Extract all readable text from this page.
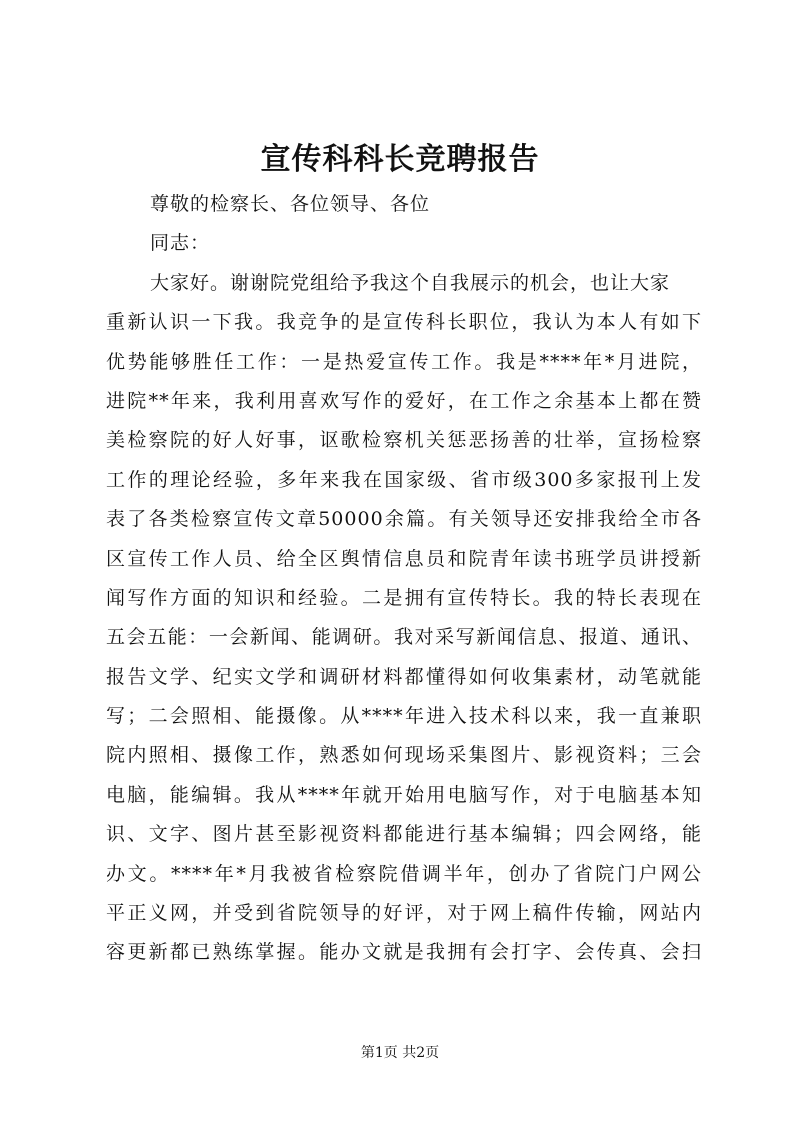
宣传科科长竞聘报告
尊敬的检察长、各位领导、各位
同志：
大家好。谢谢院党组给予我这个自我展示的机会，也让大家
重新认识一下我。我竞争的是宣传科长职位，我认为本人有如下
优势能够胜任工作：一是热爱宣传工作。我是****年*月进院，
进院**年来，我利用喜欢写作的爱好，在工作之余基本上都在赞
美检察院的好人好事，讴歌检察机关惩恶扬善的壮举，宣扬检察
工作的理论经验，多年来我在国家级、省市级300多家报刊上发
表了各类检察宣传文章50000余篇。有关领导还安排我给全市各
区宣传工作人员、给全区舆情信息员和院青年读书班学员讲授新
闻写作方面的知识和经验。二是拥有宣传特长。我的特长表现在
五会五能：一会新闻、能调研。我对采写新闻信息、报道、通讯、
报告文学、纪实文学和调研材料都懂得如何收集素材，动笔就能
写；二会照相、能摄像。从****年进入技术科以来，我一直兼职
院内照相、摄像工作，熟悉如何现场采集图片、影视资料；三会
电脑，能编辑。我从****年就开始用电脑写作，对于电脑基本知
识、文字、图片甚至影视资料都能进行基本编辑；四会网络，能
办文。****年*月我被省检察院借调半年，创办了省院门户网公
平正义网，并受到省院领导的好评，对于网上稿件传输，网站内
容更新都已熟练掌握。能办文就是我拥有会打字、会传真、会扫
第1页 共2页
